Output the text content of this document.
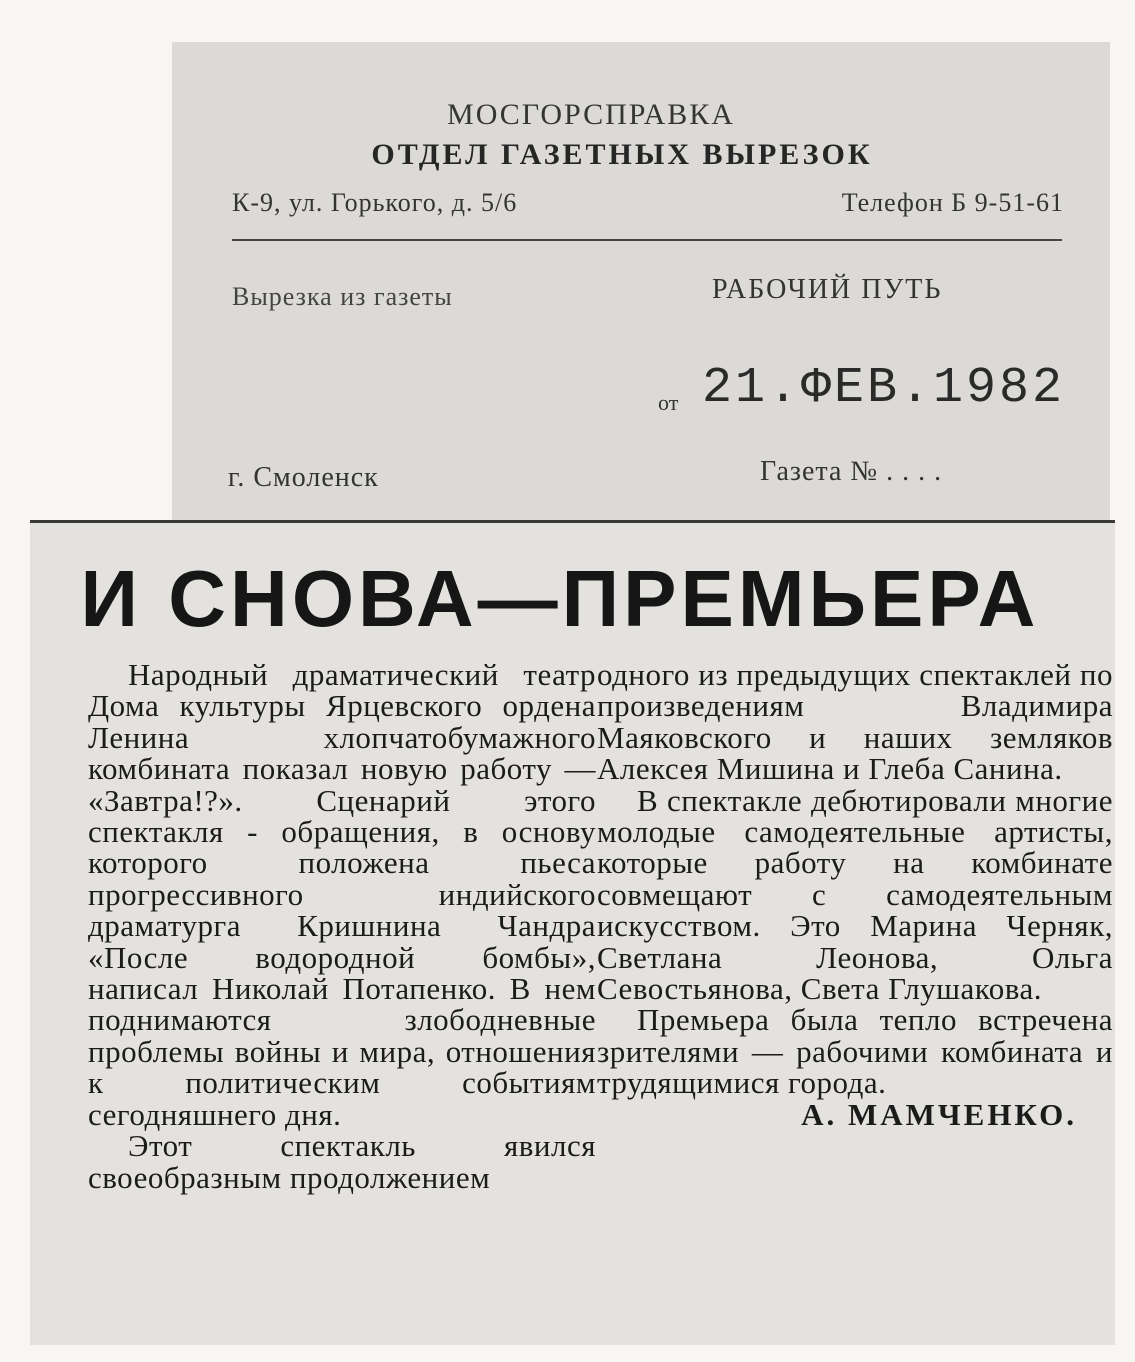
МОСГОРСПРАВКА
ОТДЕЛ ГАЗЕТНЫХ ВЫРЕЗОК
К-9, ул. Горького, д. 5/6	Телефон Б 9-51-61
Вырезка из газеты	РАБОЧИЙ ПУТЬ
от 21.ФЕВ.1982
г. Смоленск	Газета № . . . .
И СНОВА—ПРЕМЬЕРА

Народный драматический театр Дома культуры Ярцевского ордена Ленина хлопчатобумажного комбината показал новую работу — «Завтра!?». Сценарий этого спектакля - обращения, в основу которого положена пьеса прогрессивного индийского драматурга Кришнина Чандра «После водородной бомбы», написал Николай Потапенко. В нем поднимаются злободневные проблемы войны и мира, отношения к политическим событиям сегодняшнего дня.

Этот спектакль явился своеобразным продолжением

одного из предыдущих спектаклей по произведениям Владимира Маяковского и наших земляков Алексея Мишина и Глеба Санина.

В спектакле дебютировали многие молодые самодеятельные артисты, которые работу на комбинате совмещают с самодеятельным искусством. Это Марина Черняк, Светлана Леонова, Ольга Севостьянова, Света Глушакова.

Премьера была тепло встречена зрителями — рабочими комбината и трудящимися города.

А. МАМЧЕНКО.
